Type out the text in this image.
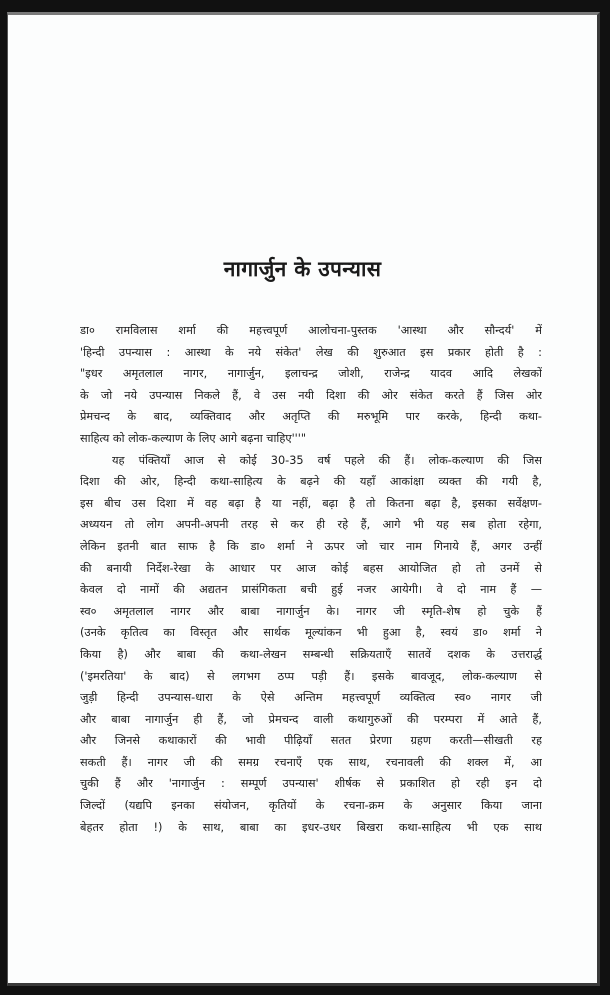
नागार्जुन के उपन्यास
डा० रामविलास शर्मा की महत्त्वपूर्ण आलोचना-पुस्तक 'आस्था और सौन्दर्य' में
'हिन्दी उपन्यास : आस्था के नये संकेत' लेख की शुरुआत इस प्रकार होती है :
"इधर अमृतलाल नागर, नागार्जुन, इलाचन्द्र जोशी, राजेन्द्र यादव आदि लेखकों
के जो नये उपन्यास निकले हैं, वे उस नयी दिशा की ओर संकेत करते हैं जिस ओर
प्रेमचन्द के बाद, व्यक्तिवाद और अतृप्ति की मरुभूमि पार करके, हिन्दी कथा-
साहित्य को लोक-कल्याण के लिए आगे बढ़ना चाहिए'''"
यह पंक्तियाँ आज से कोई 30-35 वर्ष पहले की हैं। लोक-कल्याण की जिस
दिशा की ओर, हिन्दी कथा-साहित्य के बढ़ने की यहाँ आकांक्षा व्यक्त की गयी है,
इस बीच उस दिशा में वह बढ़ा है या नहीं, बढ़ा है तो कितना बढ़ा है, इसका सर्वेक्षण-
अध्ययन तो लोग अपनी-अपनी तरह से कर ही रहे हैं, आगे भी यह सब होता रहेगा,
लेकिन इतनी बात साफ है कि डा० शर्मा ने ऊपर जो चार नाम गिनाये हैं, अगर उन्हीं
की बनायी निर्देश-रेखा के आधार पर आज कोई बहस आयोजित हो तो उनमें से
केवल दो नामों की अद्यतन प्रासंगिकता बची हुई नजर आयेगी। वे दो नाम हैं —
स्व० अमृतलाल नागर और बाबा नागार्जुन के। नागर जी स्मृति-शेष हो चुके हैं
(उनके कृतित्व का विस्तृत और सार्थक मूल्यांकन भी हुआ है, स्वयं डा० शर्मा ने
किया है) और बाबा की कथा-लेखन सम्बन्धी सक्रियताएँ सातवें दशक के उत्तरार्द्ध
('इमरतिया' के बाद) से लगभग ठप्प पड़ी हैं। इसके बावजूद, लोक-कल्याण से
जुड़ी हिन्दी उपन्यास-धारा के ऐसे अन्तिम महत्त्वपूर्ण व्यक्तित्व स्व० नागर जी
और बाबा नागार्जुन ही हैं, जो प्रेमचन्द वाली कथागुरुओं की परम्परा में आते हैं,
और जिनसे कथाकारों की भावी पीढ़ियाँ सतत प्रेरणा ग्रहण करती—सीखती रह
सकती हैं। नागर जी की समग्र रचनाएँ एक साथ, रचनावली की शक्ल में, आ
चुकी हैं और 'नागार्जुन : सम्पूर्ण उपन्यास' शीर्षक से प्रकाशित हो रही इन दो
जिल्दों (यद्यपि इनका संयोजन, कृतियों के रचना-क्रम के अनुसार किया जाना
बेहतर होता !) के साथ, बाबा का इधर-उधर बिखरा कथा-साहित्य भी एक साथ
